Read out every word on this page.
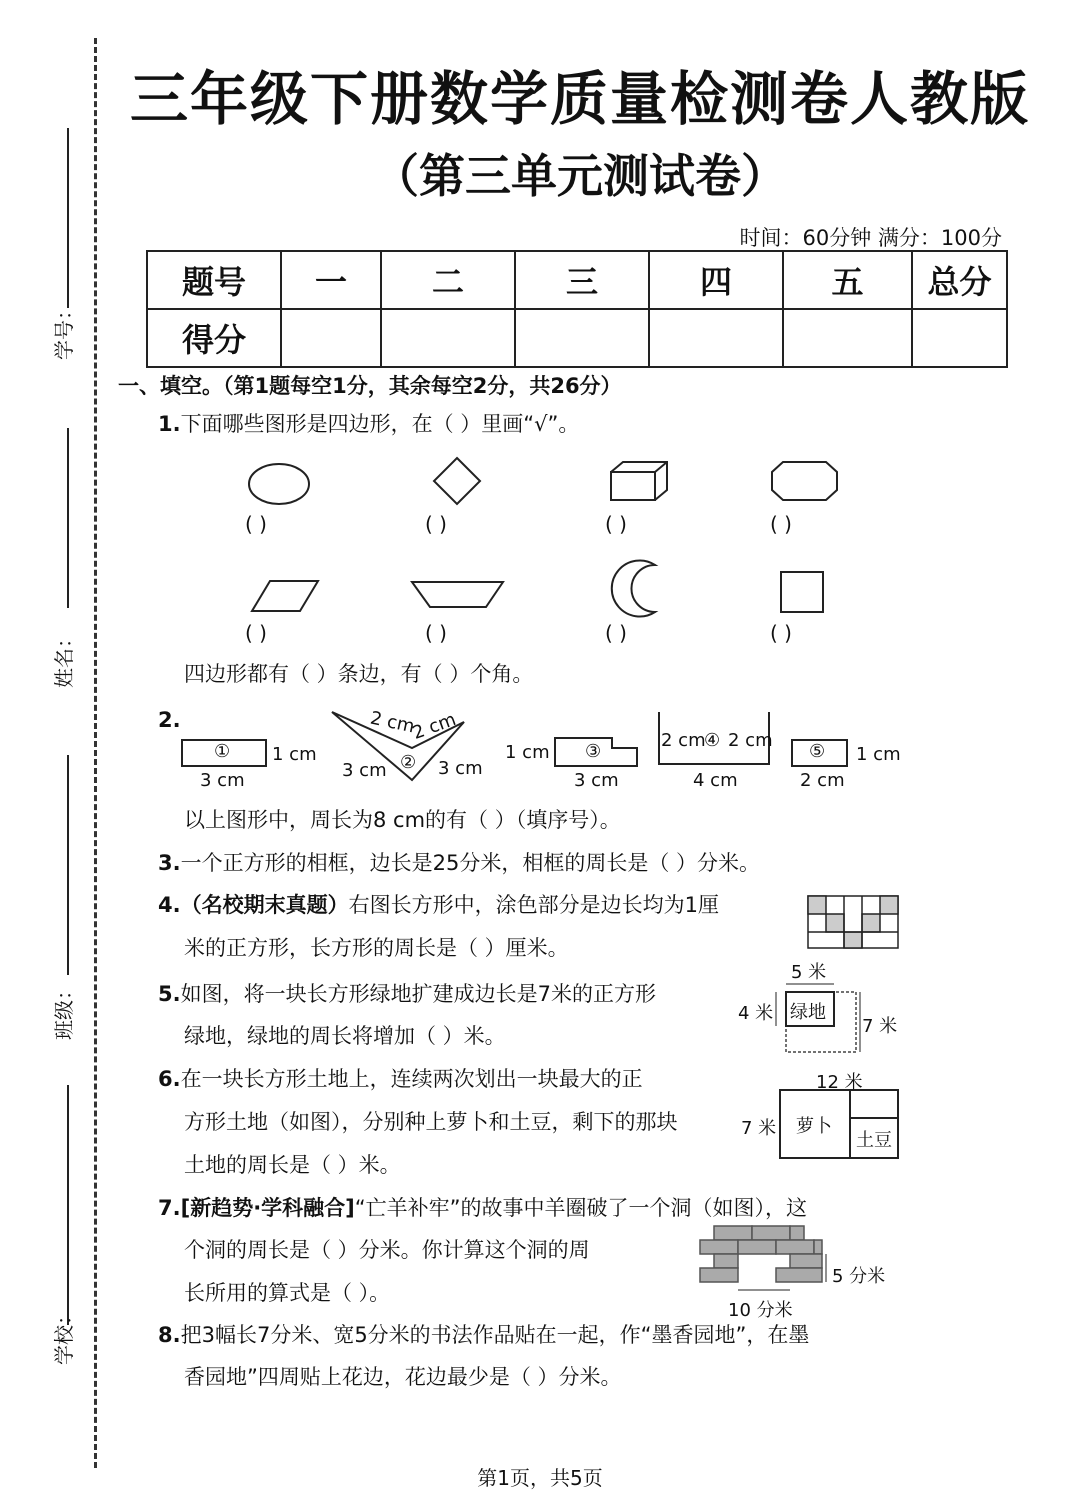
学号：
姓名：
班级：
学校：
三年级下册数学质量检测卷人教版
（第三单元测试卷）
时间：60分钟 满分：100分
题号	一	二	三	四	五	总分
得分						
一、填空。（第1题每空1分，其余每空2分，共26分）
1.下面哪些图形是四边形，在（ ）里画“√”。
( )	( )	( )	( )
( )	( )	( )	( )
四边形都有（ ）条边，有（ ）个角。
2.
① 1 cm
3 cm
2 cm
2 cm
②
3 cm	3 cm
1 cm ③
3 cm
2 cm
④ 2 cm
4 cm
⑤ 1 cm
2 cm
以上图形中，周长为8 cm的有（ ）（填序号）。
3.一个正方形的相框，边长是25分米，相框的周长是（ ）分米。
4.（名校期末真题）右图长方形中，涂色部分是边长均为1厘
米的正方形，长方形的周长是（ ）厘米。
5.如图，将一块长方形绿地扩建成边长是7米的正方形
绿地，绿地的周长将增加（ ）米。
5 米
4 米 绿地
7 米
6.在一块长方形土地上，连续两次划出一块最大的正
方形土地（如图），分别种上萝卜和土豆，剩下的那块
土地的周长是（ ）米。
12 米
7 米 萝卜
土豆
7.[新趋势·学科融合]“亡羊补牢”的故事中羊圈破了一个洞（如图），这
个洞的周长是（ ）分米。你计算这个洞的周
长所用的算式是（ ）。
5 分米
10 分米
8.把3幅长7分米、宽5分米的书法作品贴在一起，作“墨香园地”，在墨
香园地”四周贴上花边，花边最少是（ ）分米。
第1页，共5页
